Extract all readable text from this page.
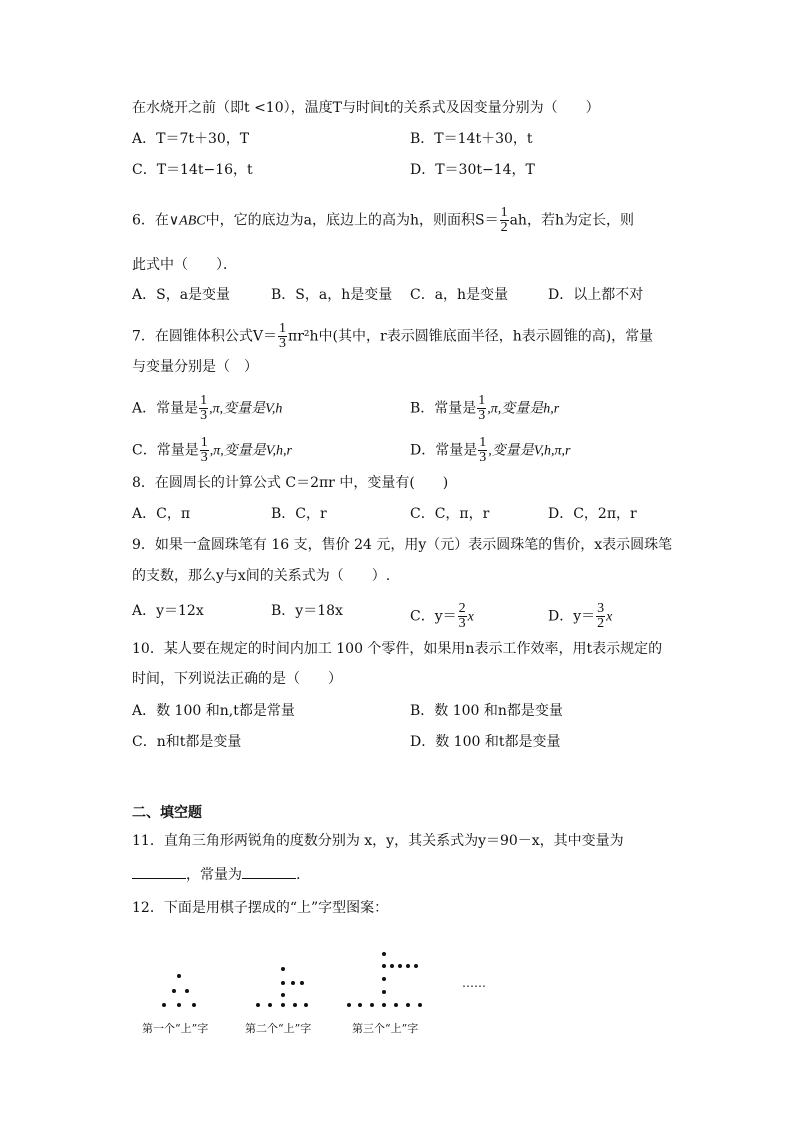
在水烧开之前（即t <10），温度T与时间t的关系式及因变量分别为（　　）
A．T＝7t＋30，T	B．T＝14t＋30，t
C．T＝14t−16，t	D．T＝30t−14，T
6．在∨ABC中，它的底边为a，底边上的高为h，则面积$S= \frac{1}{2}$ ah，若h为定长，则
此式中（　　）．
A．S，a是变量	B．S，a，h是变量 C．a，h是变量	D．以上都不对
7．在圆锥体积公式$V= \frac{1}{3} \pi r^2h$中(其中，r表示圆锥底面半径，h表示圆锥的高)，常量
与变量分别是（　）
A．常量是 $\frac{1}{3} ,\pi$,变量是V,h	B．常量是 $\frac{1}{3} ,\pi$,变量是h,r
C．常量是 $\frac{1}{3} ,\pi$,变量是V,h,r	D．常量是 $\frac{1}{3}$ ,变量是V,h,π,r
8．在圆周长的计算公式 C＝2πr 中，变量有(　　)
A．C，π	B．C，r	C．C，π，r	D．C，2π，r
9．如果一盒圆珠笔有 16 支，售价 24 元，用y（元）表示圆珠笔的售价，x表示圆珠笔
的支数，那么y与x间的关系式为（　　）.
A．y＝12x	B．y＝18x	C．$y= \frac{2}{3}$ x	D．$y= \frac{3}{2}$ x
10．某人要在规定的时间内加工 100 个零件，如果用n表示工作效率，用t表示规定的
时间，下列说法正确的是（　　）
A．数 100 和n,t都是常量	B．数 100 和n都是变量
C．n和t都是变量	D．数 100 和t都是变量
二、填空题
11．直角三角形两锐角的度数分别为 x，y，其关系式为y＝90－x，其中变量为
，常量为	.
12．下面是用棋子摆成的“上”字型图案：
……
第一个“上”字	第二个“上”字	第三个“上”字
